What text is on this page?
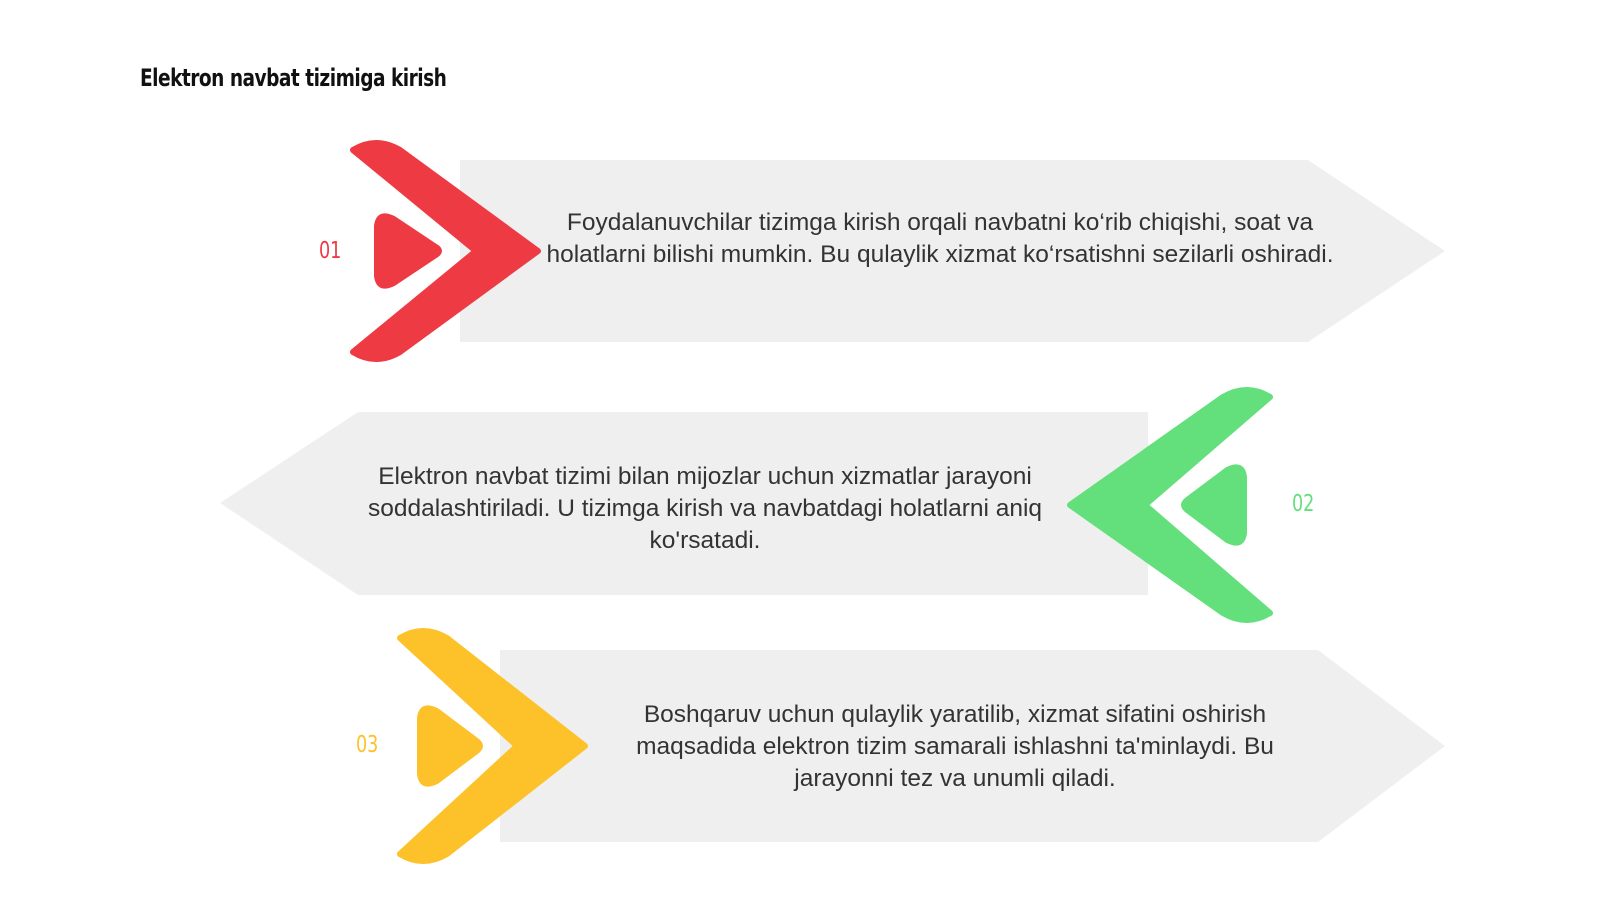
Elektron navbat tizimiga kirish
01
Foydalanuvchilar tizimga kirish orqali navbatni ko‘rib chiqishi, soat va holatlarni bilishi mumkin. Bu qulaylik xizmat ko‘rsatishni sezilarli oshiradi.
02
Elektron navbat tizimi bilan mijozlar uchun xizmatlar jarayoni soddalashtiriladi. U tizimga kirish va navbatdagi holatlarni aniq ko'rsatadi.
03
Boshqaruv uchun qulaylik yaratilib, xizmat sifatini oshirish maqsadida elektron tizim samarali ishlashni ta'minlaydi. Bu jarayonni tez va unumli qiladi.
